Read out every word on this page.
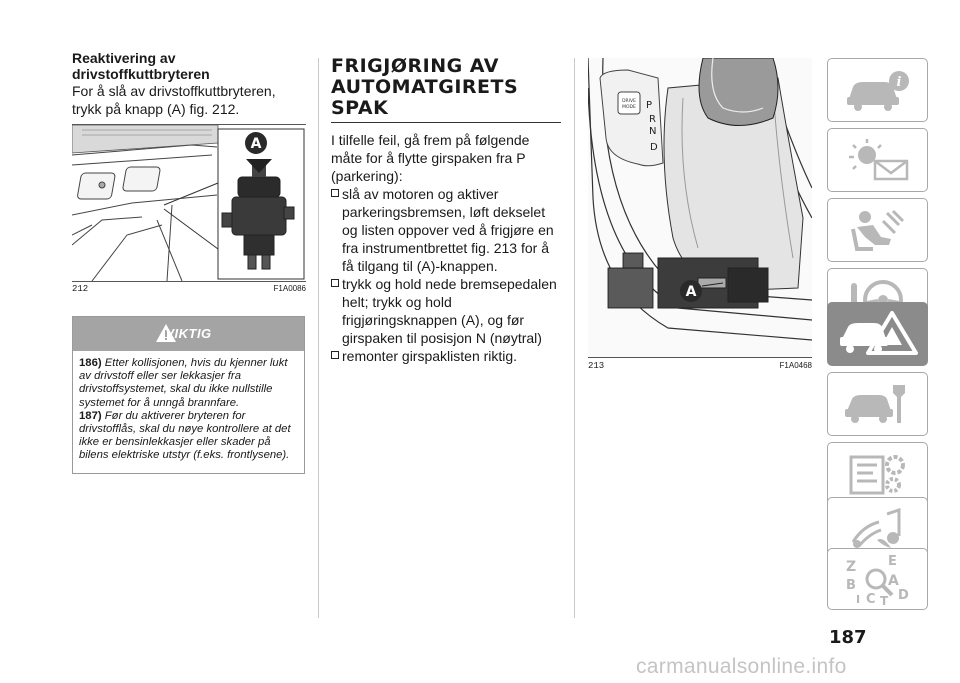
Reaktivering av drivstoffkuttbryteren

For å slå av drivstoffkuttbryteren, trykk på knapp (A) fig. 212.

A
212	F1A0086
VIKTIG

186) Etter kollisjonen, hvis du kjenner lukt av drivstoff eller ser lekkasjer fra drivstoffsystemet, skal du ikke nullstille systemet for å unngå brannfare.

187) Før du aktiverer bryteren for drivstofflås, skal du nøye kontrollere at det ikke er bensinlekkasjer eller skader på bilens elektriske utstyr (f.eks. frontlysene).

FRIGJØRING AV AUTOMATGIRETS SPAK

I tilfelle feil, gå frem på følgende måte for å flytte girspaken fra P (parkering):

slå av motoren og aktiver parkeringsbremsen, løft dekselet og listen oppover ved å frigjøre en fra instrumentbrettet fig. 213 for å få tilgang til (A)-knappen.
trykk og hold nede bremsepedalen helt; trykk og hold frigjøringsknappen (A), og før girspaken til posisjon N (nøytral)
remonter girspaklisten riktig.
DRIVE
MODE P
R
N
D
A
213	F1A0468
i
Z E
A
B
C T D
I
187
carmanualsonline.info
